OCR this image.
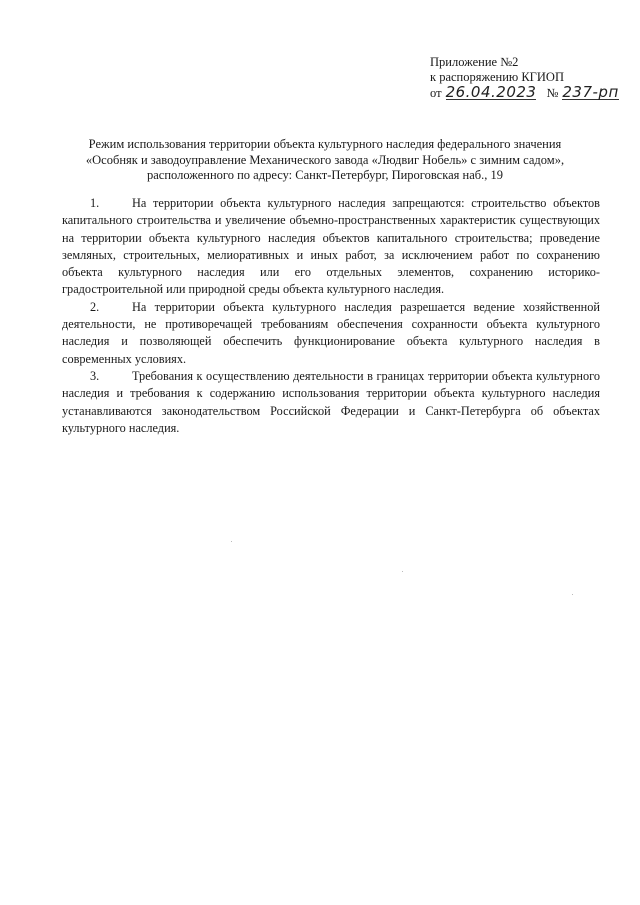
Приложение №2
к распоряжению КГИОП
от 26.04.2023 № 237-рп
Режим использования территории объекта культурного наследия федерального значения
«Особняк и заводоуправление Механического завода «Людвиг Нобель» с зимним садом»,
расположенного по адресу: Санкт-Петербург, Пироговская наб., 19

1.	На территории объекта культурного наследия запрещаются: строительство объектов капитального строительства и увеличение объемно-пространственных характеристик существующих на территории объекта культурного наследия объектов капитального строительства; проведение земляных, строительных, мелиоративных и иных работ, за исключением работ по сохранению объекта культурного наследия или его отдельных элементов, сохранению историко-градостроительной или природной среды объекта культурного наследия.

2.	На территории объекта культурного наследия разрешается ведение хозяйственной деятельности, не противоречащей требованиям обеспечения сохранности объекта культурного наследия и позволяющей обеспечить функционирование объекта культурного наследия в современных условиях.

3.	Требования к осуществлению деятельности в границах территории объекта культурного наследия и требования к содержанию использования территории объекта культурного наследия устанавливаются законодательством Российской Федерации и Санкт-Петербурга об объектах культурного наследия.
